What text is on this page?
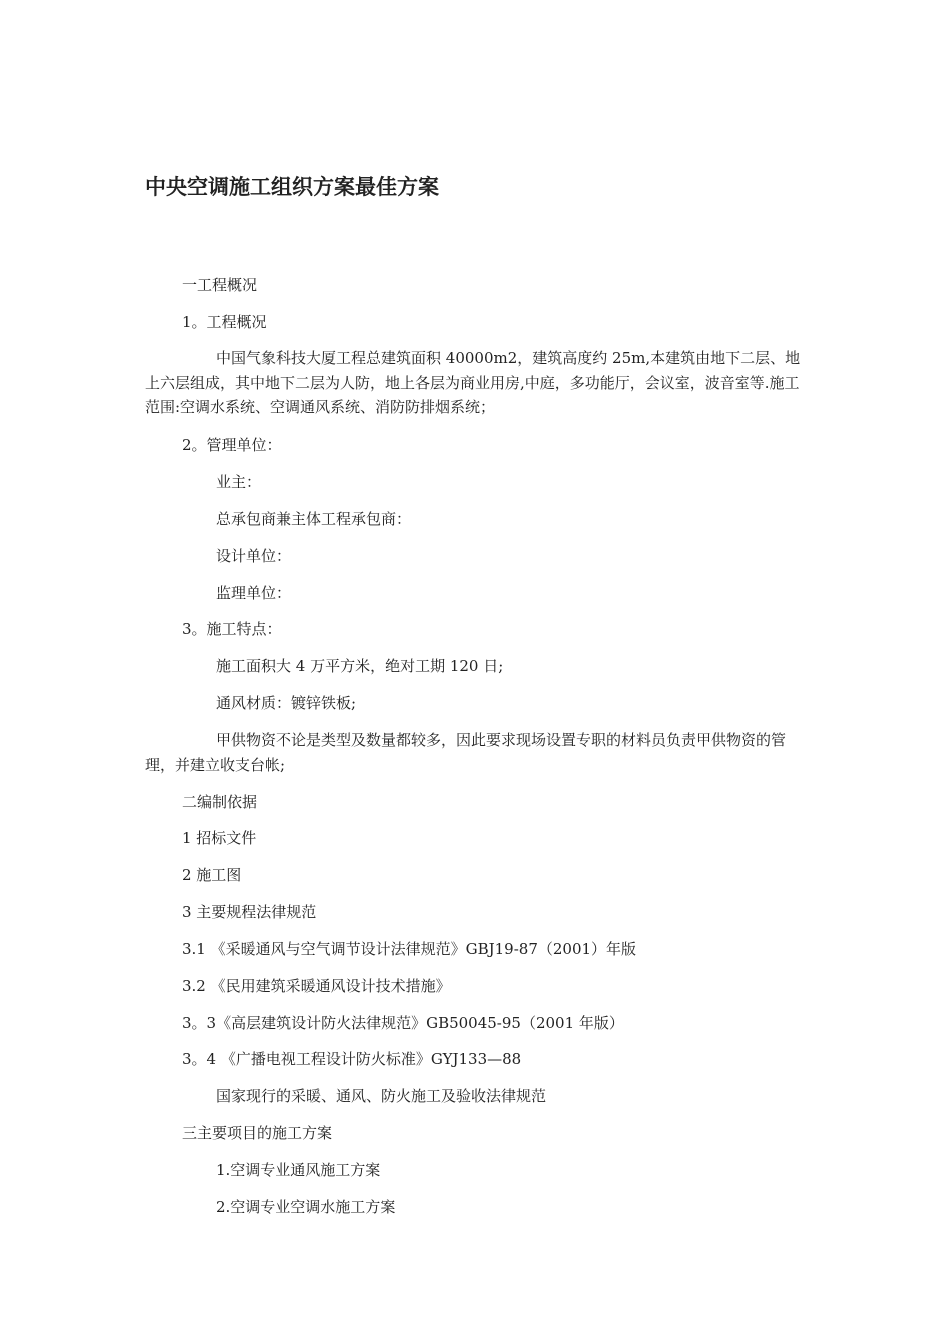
中央空调施工组织方案最佳方案

一工程概况

1。工程概况

中国气象科技大厦工程总建筑面积 40000m2，建筑高度约 25m,本建筑由地下二层、地上六层组成，其中地下二层为人防，地上各层为商业用房,中庭，多功能厅，会议室，波音室等.施工范围:空调水系统、空调通风系统、消防防排烟系统；

2。管理单位：

业主：

总承包商兼主体工程承包商：

设计单位：

监理单位：

3。施工特点：

施工面积大 4 万平方米，绝对工期 120 日;

通风材质：镀锌铁板;

甲供物资不论是类型及数量都较多，因此要求现场设置专职的材料员负责甲供物资的管理，并建立收支台帐;

二编制依据

1 招标文件

2 施工图

3 主要规程法律规范

3.1 《采暖通风与空气调节设计法律规范》GBJ19-87（2001）年版

3.2 《民用建筑采暖通风设计技术措施》

3。3《高层建筑设计防火法律规范》GB50045-95（2001 年版）

3。4 《广播电视工程设计防火标准》GYJ133—88

国家现行的采暖、通风、防火施工及验收法律规范

三主要项目的施工方案

1.空调专业通风施工方案

2.空调专业空调水施工方案
